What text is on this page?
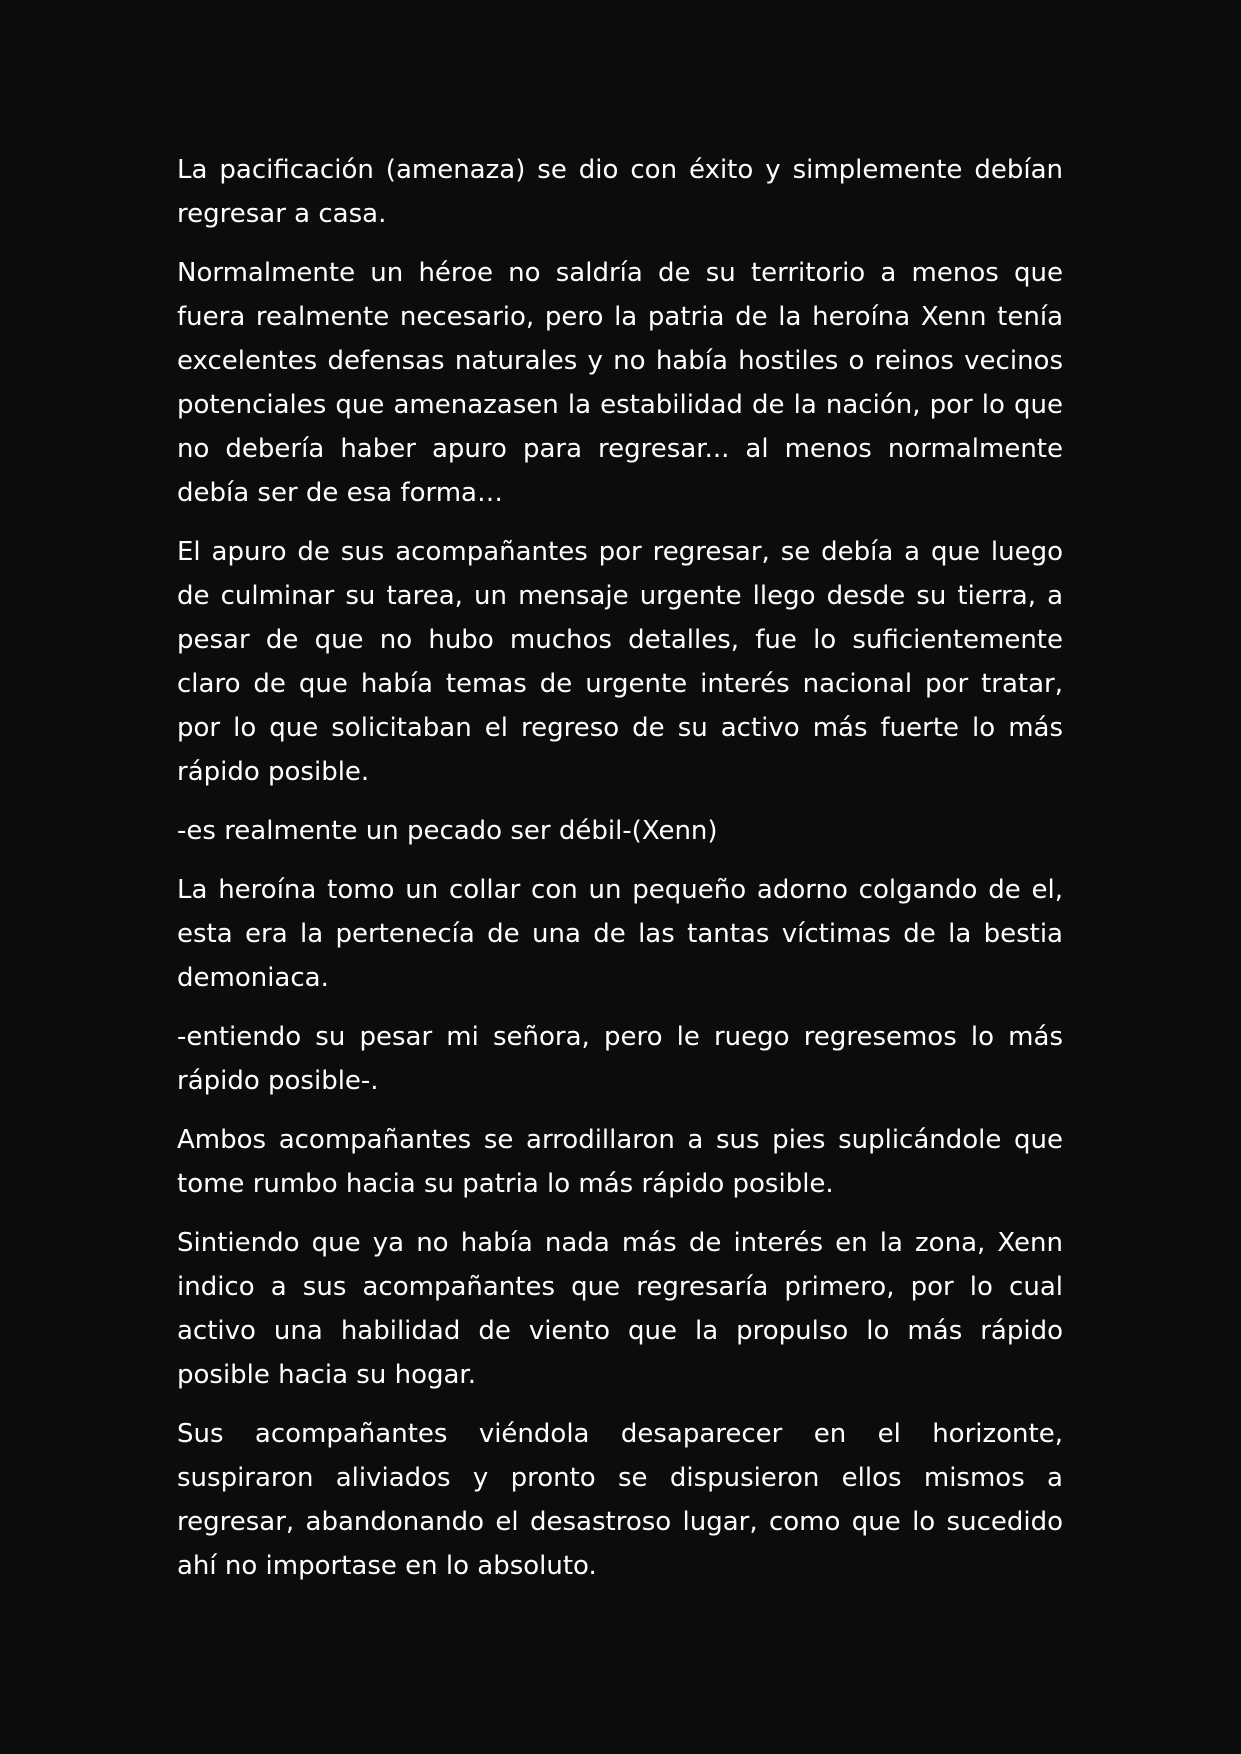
La pacificación (amenaza) se dio con éxito y simplemente debían regresar a casa.

Normalmente un héroe no saldría de su territorio a menos que fuera realmente necesario, pero la patria de la heroína Xenn tenía excelentes defensas naturales y no había hostiles o reinos vecinos potenciales que amenazasen la estabilidad de la nación, por lo que no debería haber apuro para regresar... al menos normalmente debía ser de esa forma…

El apuro de sus acompañantes por regresar, se debía a que luego de culminar su tarea, un mensaje urgente llego desde su tierra, a pesar de que no hubo muchos detalles, fue lo suficientemente claro de que había temas de urgente interés nacional por tratar, por lo que solicitaban el regreso de su activo más fuerte lo más rápido posible.

-es realmente un pecado ser débil-(Xenn)

La heroína tomo un collar con un pequeño adorno colgando de el, esta era la pertenecía de una de las tantas víctimas de la bestia demoniaca.

-entiendo su pesar mi señora, pero le ruego regresemos lo más rápido posible-.

Ambos acompañantes se arrodillaron a sus pies suplicándole que tome rumbo hacia su patria lo más rápido posible.

Sintiendo que ya no había nada más de interés en la zona, Xenn indico a sus acompañantes que regresaría primero, por lo cual activo una habilidad de viento que la propulso lo más rápido posible hacia su hogar.

Sus acompañantes viéndola desaparecer en el horizonte, suspiraron aliviados y pronto se dispusieron ellos mismos a regresar, abandonando el desastroso lugar, como que lo sucedido ahí no importase en lo absoluto.
